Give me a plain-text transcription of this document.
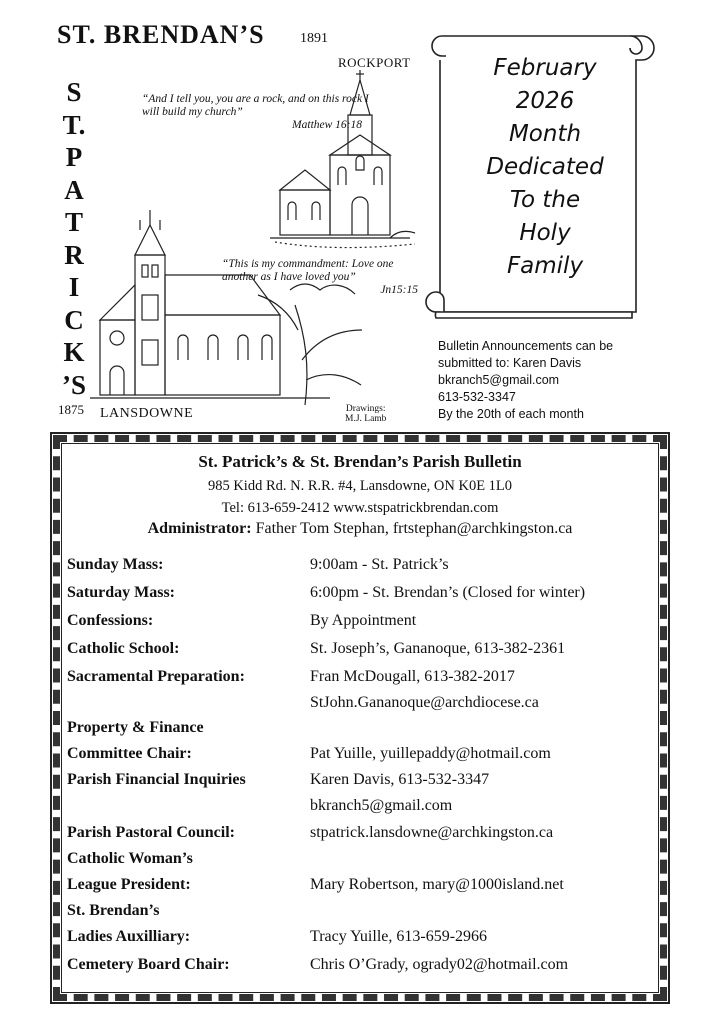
ST. BRENDAN’S	1891
ROCKPORT
S
T.
P
A
T
R
I
C
K
’S
“And I tell you, you are a rock, and on this rock I will build my church”
Matthew 16:18
“This is my commandment: Love one another as I have loved you”
Jn15:15
1875 LANSDOWNE	Drawings:
M.J. Lamb
February
2026
Month
Dedicated
To the
Holy
Family
Bulletin Announcements can be
submitted to: Karen Davis
bkranch5@gmail.com
613-532-3347
By the 20th of each month
St. Patrick’s & St. Brendan’s Parish Bulletin
985 Kidd Rd. N. R.R. #4, Lansdowne, ON K0E 1L0
Tel: 613-659-2412 www.stspatrickbrendan.com
Administrator: Father Tom Stephan, frtstephan@archkingston.ca
Sunday Mass:	9:00am - St. Patrick’s
Saturday Mass:	6:00pm - St. Brendan’s (Closed for winter)
Confessions:	By Appointment
Catholic School:	St. Joseph’s, Gananoque, 613-382-2361
Sacramental Preparation:	Fran McDougall, 613-382-2017
StJohn.Gananoque@archdiocese.ca
Property & Finance
Committee Chair:	Pat Yuille, yuillepaddy@hotmail.com
Parish Financial Inquiries	Karen Davis, 613-532-3347
bkranch5@gmail.com
Parish Pastoral Council:	stpatrick.lansdowne@archkingston.ca
Catholic Woman’s
League President:	Mary Robertson, mary@1000island.net
St. Brendan’s
Ladies Auxilliary:	Tracy Yuille, 613-659-2966
Cemetery Board Chair:	Chris O’Grady, ogrady02@hotmail.com
